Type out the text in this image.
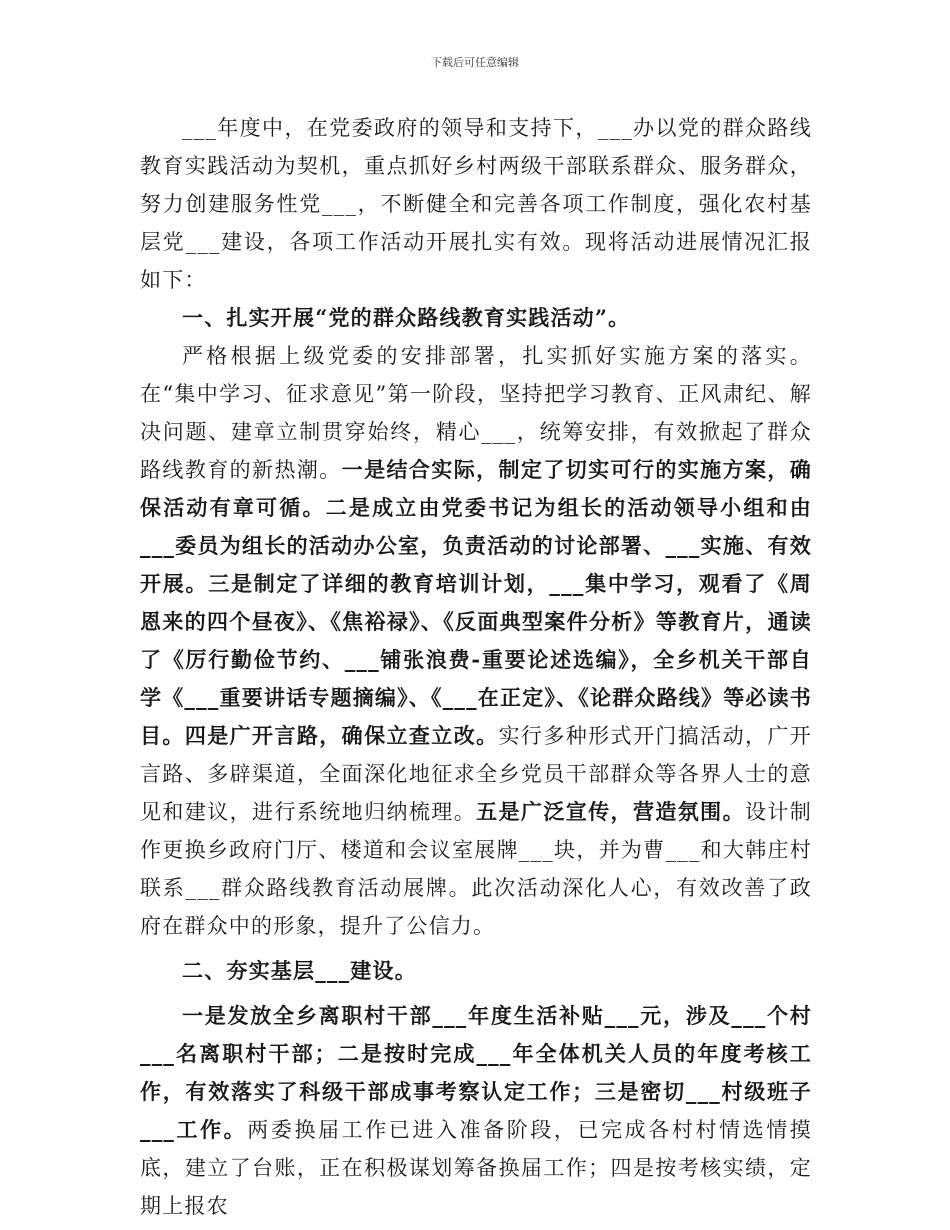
下载后可任意编辑

___年度中，在党委政府的领导和支持下，___办以党的群众路线教育实践活动为契机，重点抓好乡村两级干部联系群众、服务群众，努力创建服务性党___，不断健全和完善各项工作制度，强化农村基层党___建设，各项工作活动开展扎实有效。现将活动进展情况汇报如下：

一、扎实开展“党的群众路线教育实践活动”。

严格根据上级党委的安排部署，扎实抓好实施方案的落实。在“集中学习、征求意见”第一阶段，坚持把学习教育、正风肃纪、解决问题、建章立制贯穿始终，精心___，统筹安排，有效掀起了群众路线教育的新热潮。一是结合实际，制定了切实可行的实施方案，确保活动有章可循。二是成立由党委书记为组长的活动领导小组和由___委员为组长的活动办公室，负责活动的讨论部署、___实施、有效开展。三是制定了详细的教育培训计划，___集中学习，观看了《周恩来的四个昼夜》、《焦裕禄》、《反面典型案件分析》等教育片，通读了《厉行勤俭节约、___铺张浪费-重要论述选编》，全乡机关干部自学《___重要讲话专题摘编》、《___在正定》、《论群众路线》等必读书目。四是广开言路，确保立查立改。实行多种形式开门搞活动，广开言路、多辟渠道，全面深化地征求全乡党员干部群众等各界人士的意见和建议，进行系统地归纳梳理。五是广泛宣传，营造氛围。设计制作更换乡政府门厅、楼道和会议室展牌___块，并为曹___和大韩庄村联系___群众路线教育活动展牌。此次活动深化人心，有效改善了政府在群众中的形象，提升了公信力。

二、夯实基层___建设。

一是发放全乡离职村干部___年度生活补贴___元，涉及___个村___名离职村干部；二是按时完成___年全体机关人员的年度考核工作，有效落实了科级干部成事考察认定工作；三是密切___村级班子___工作。两委换届工作已进入准备阶段，已完成各村村情选情摸底，建立了台账，正在积极谋划筹备换届工作；四是按考核实绩，定期上报农
